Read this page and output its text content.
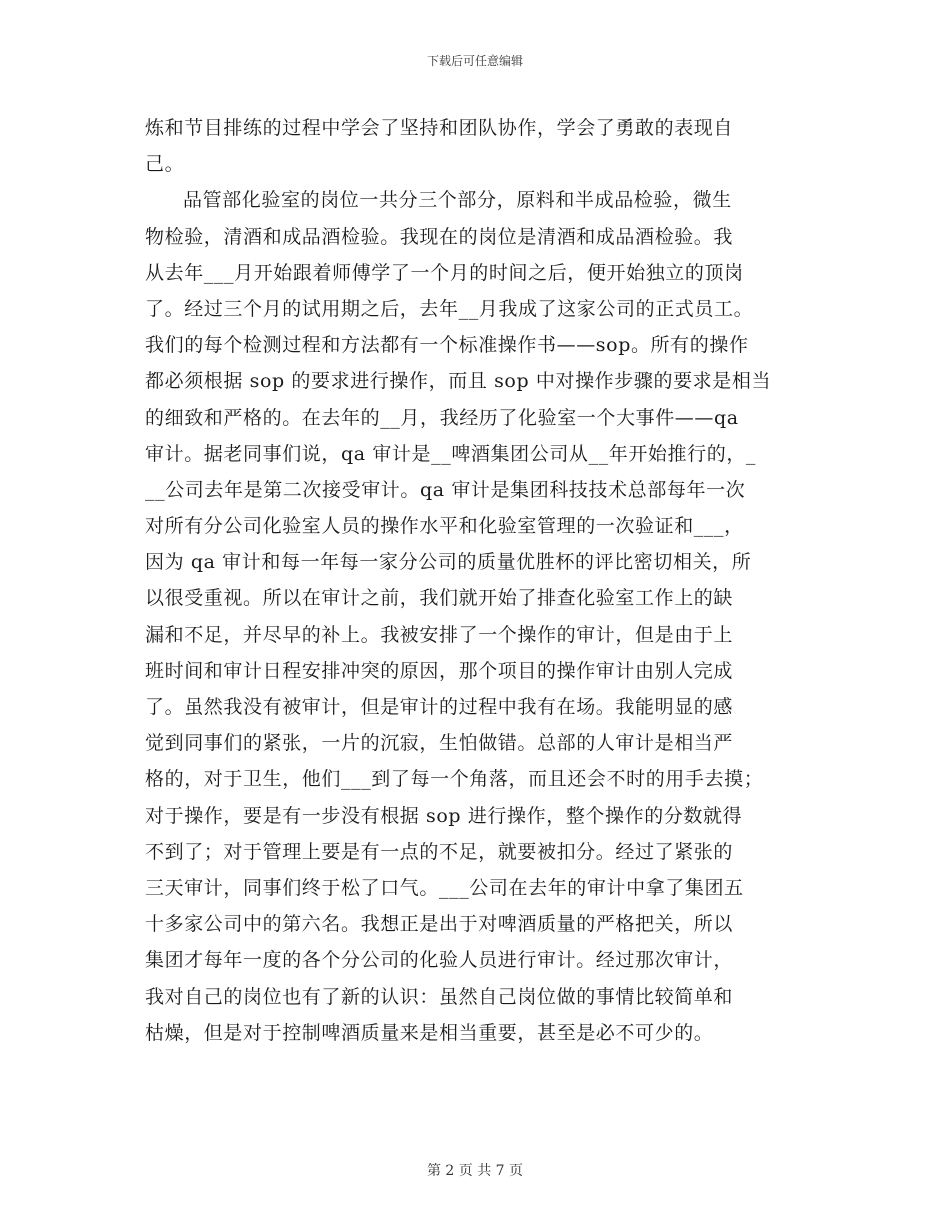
下载后可任意编辑
炼和节目排练的过程中学会了坚持和团队协作，学会了勇敢的表现自
己。
品管部化验室的岗位一共分三个部分，原料和半成品检验，微生
物检验，清酒和成品酒检验。我现在的岗位是清酒和成品酒检验。我
从去年___月开始跟着师傅学了一个月的时间之后，便开始独立的顶岗
了。经过三个月的试用期之后，去年__月我成了这家公司的正式员工。
我们的每个检测过程和方法都有一个标准操作书——sop。所有的操作
都必须根据 sop 的要求进行操作，而且 sop 中对操作步骤的要求是相当
的细致和严格的。在去年的__月，我经历了化验室一个大事件——qa
审计。据老同事们说，qa 审计是__啤酒集团公司从__年开始推行的，_
__公司去年是第二次接受审计。qa 审计是集团科技技术总部每年一次
对所有分公司化验室人员的操作水平和化验室管理的一次验证和___，
因为 qa 审计和每一年每一家分公司的质量优胜杯的评比密切相关，所
以很受重视。所以在审计之前，我们就开始了排查化验室工作上的缺
漏和不足，并尽早的补上。我被安排了一个操作的审计，但是由于上
班时间和审计日程安排冲突的原因，那个项目的操作审计由别人完成
了。虽然我没有被审计，但是审计的过程中我有在场。我能明显的感
觉到同事们的紧张，一片的沉寂，生怕做错。总部的人审计是相当严
格的，对于卫生，他们___到了每一个角落，而且还会不时的用手去摸；
对于操作，要是有一步没有根据 sop 进行操作，整个操作的分数就得
不到了；对于管理上要是有一点的不足，就要被扣分。经过了紧张的
三天审计，同事们终于松了口气。___公司在去年的审计中拿了集团五
十多家公司中的第六名。我想正是出于对啤酒质量的严格把关，所以
集团才每年一度的各个分公司的化验人员进行审计。经过那次审计，
我对自己的岗位也有了新的认识：虽然自己岗位做的事情比较简单和
枯燥，但是对于控制啤酒质量来是相当重要，甚至是必不可少的。
第 2 页 共 7 页
